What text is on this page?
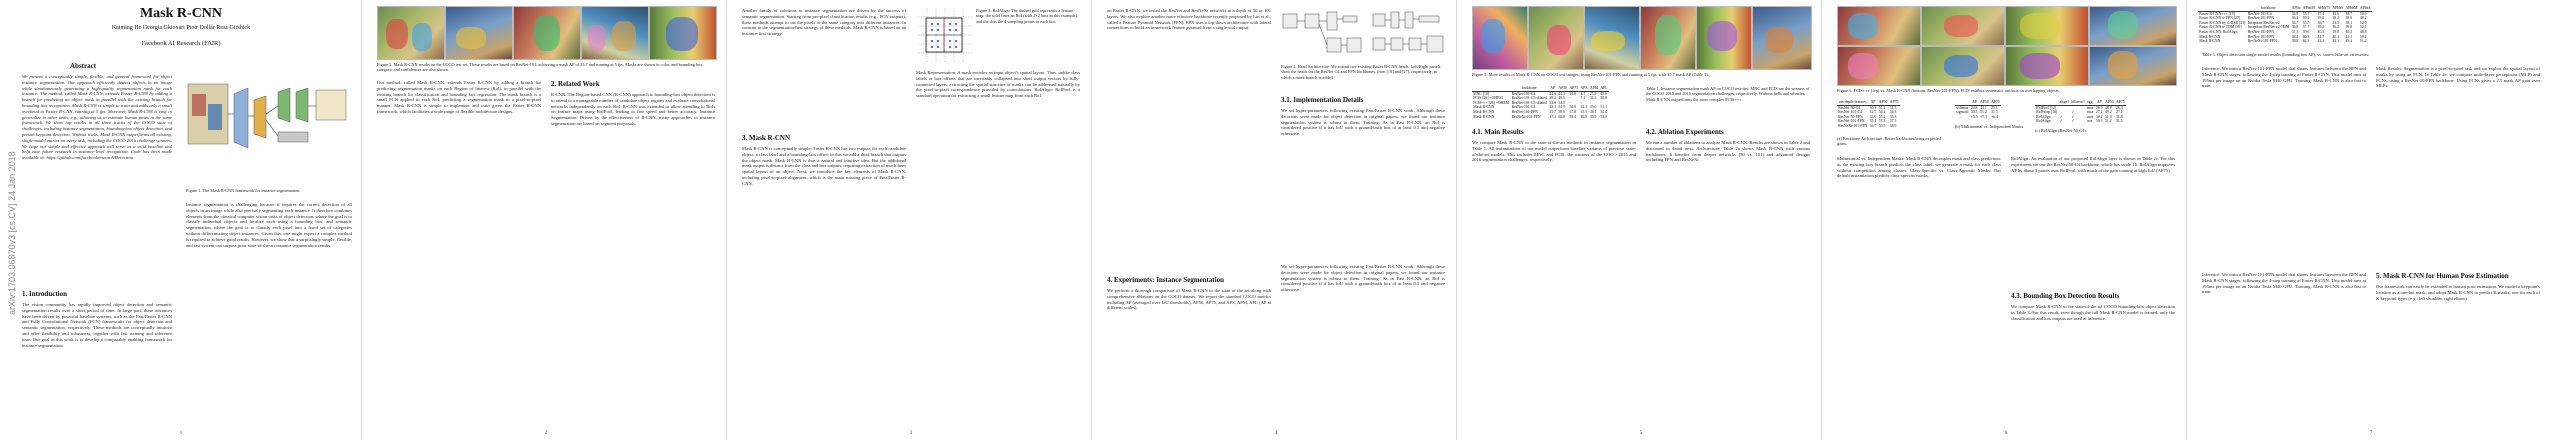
arXiv:1703.06870v3 [cs.CV] 24 Jan 2018
Mask R-CNN
Kaiming He Georgia Gkioxari Piotr Dollár Ross Girshick
Facebook AI Research (FAIR)
Abstract
We present a conceptually simple, flexible, and general framework for object instance segmentation. Our approach efficiently detects objects in an image while simultaneously generating a high-quality segmentation mask for each instance. The method, called Mask R-CNN, extends Faster R-CNN by adding a branch for predicting an object mask in parallel with the existing branch for bounding box recognition. Mask R-CNN is simple to train and adds only a small overhead to Faster R-CNN, running at 5 fps. Moreover, Mask R-CNN is easy to generalize to other tasks, e.g., allowing us to estimate human poses in the same framework. We show top results in all three tracks of the COCO suite of challenges, including instance segmentation, bounding-box object detection, and person keypoint detection. Without tricks, Mask R-CNN outperforms all existing, single-model entries on every task, including the COCO 2016 challenge winners. We hope our simple and effective approach will serve as a solid baseline and help ease future research in instance-level recognition. Code has been made available at: https://github.com/facebookresearch/Detectron.
1. Introduction
The vision community has rapidly improved object detection and semantic segmentation results over a short period of time. In large part, these advances have been driven by powerful baseline systems, such as the Fast/Faster R-CNN and Fully Convolutional Network (FCN) frameworks for object detection and semantic segmentation, respectively. These methods are conceptually intuitive and offer flexibility and robustness, together with fast training and inference time. Our goal in this work is to develop a comparably enabling framework for instance segmentation.
Figure 1. The Mask R-CNN framework for instance segmentation.
Instance segmentation is challenging because it requires the correct detection of all objects in an image while also precisely segmenting each instance. It therefore combines elements from the classical computer vision tasks of object detection, where the goal is to classify individual objects and localize each using a bounding box, and semantic segmentation, where the goal is to classify each pixel into a fixed set of categories without differentiating object instances. Given this, one might expect a complex method is required to achieve good results. However, we show that a surprisingly simple, flexible, and fast system can surpass prior state-of-the-art instance segmentation results.
1
Figure 2. Mask R-CNN results on the COCO test set. These results are based on ResNet-101, achieving a mask AP of 35.7 and running at 5 fps. Masks are shown in color, and bounding box, category, and confidences are also shown.
Our method, called Mask R-CNN, extends Faster R-CNN by adding a branch for predicting segmentation masks on each Region of Interest (RoI), in parallel with the existing branch for classification and bounding box regression. The mask branch is a small FCN applied to each RoI, predicting a segmentation mask in a pixel-to-pixel manner. Mask R-CNN is simple to implement and train given the Faster R-CNN framework, which facilitates a wide range of flexible architecture designs.
2. Related Work
R-CNN: The Region-based CNN (R-CNN) approach to bounding-box object detection is to attend to a manageable number of candidate object regions and evaluate convolutional networks independently on each RoI. R-CNN was extended to allow attending to RoIs on feature maps using RoIPool, leading to fast speed and better accuracy. Instance Segmentation: Driven by the effectiveness of R-CNN, many approaches to instance segmentation are based on segment proposals.
2
Another family of solutions to instance segmentation are driven by the success of semantic segmentation. Starting from per-pixel classification results (e.g., FCN outputs), these methods attempt to cut the pixels of the same category into different instances. In contrast to the segmentation-first strategy of these methods, Mask R-CNN is based on an instance-first strategy.
Figure 3. RoIAlign: The dashed grid represents a feature map, the solid lines an RoI (with 2×2 bins in this example), and the dots the 4 sampling points in each bin.
3. Mask R-CNN
Mask R-CNN is conceptually simple: Faster R-CNN has two outputs for each candidate object, a class label and a bounding-box offset; to this we add a third branch that outputs the object mask. Mask R-CNN is thus a natural and intuitive idea. But the additional mask output is distinct from the class and box outputs, requiring extraction of much finer spatial layout of an object. Next, we introduce the key elements of Mask R-CNN, including pixel-to-pixel alignment, which is the main missing piece of Fast/Faster R-CNN.
Mask Representation: A mask encodes an input object's spatial layout. Thus, unlike class labels or box offsets that are inevitably collapsed into short output vectors by fully-connected layers, extracting the spatial structure of masks can be addressed naturally by the pixel-to-pixel correspondence provided by convolutions. RoIAlign: RoIPool is a standard operation for extracting a small feature map from each RoI.
3
on Faster R-CNN, we tested the ResNet and ResNeXt networks at a depth of 50 or 101 layers. We also explore another more effective backbone recently proposed by Lin et al., called a Feature Pyramid Network (FPN). FPN uses a top-down architecture with lateral connections to build an in-network feature pyramid from a single-scale input.
Figure 4. Head Architecture: We extend two existing Faster R-CNN heads. Left/Right panels show the heads for the ResNet C4 and FPN backbones, from [19] and [27], respectively, to which a mask branch is added.
3.1. Implementation Details
We set hyper-parameters following existing Fast/Faster R-CNN work. Although these decisions were made for object detection in original papers, we found our instance segmentation system is robust to them. Training: As in Fast R-CNN, an RoI is considered positive if it has IoU with a ground-truth box of at least 0.5 and negative otherwise.
4. Experiments: Instance Segmentation
We perform a thorough comparison of Mask R-CNN to the state of the art along with comprehensive ablations on the COCO dataset. We report the standard COCO metrics including AP (averaged over IoU thresholds), AP50, AP75, and APS, APM, APL (AP at different scales).
We set hyper-parameters following existing Fast/Faster R-CNN work. Although these decisions were made for object detection in original papers, we found our instance segmentation system is robust to them. Training: As in Fast R-CNN, an RoI is considered positive if it has IoU with a ground-truth box of at least 0.5 and negative otherwise.
4
Figure 5. More results of Mask R-CNN on COCO test images, using ResNet-101-FPN and running at 5 fps, with 35.7 mask AP (Table 1).
	backbone	AP	AP50	AP75	APS	APM	APL
MNC [10]	ResNet-101-C4	24.6	44.3	24.8	4.7	25.9	43.6
FCIS [26] +OHEM	ResNet-101-C5-dilated	29.2	49.5	-	7.1	31.3	50.0
FCIS+++ [26] +OHEM	ResNet-101-C5-dilated	33.6	54.5	-	-	-	-
Mask R-CNN	ResNet-101-C4	33.1	54.9	34.8	12.1	35.6	51.1
Mask R-CNN	ResNet-101-FPN	35.7	58.0	37.8	15.5	38.1	52.4
Mask R-CNN	ResNeXt-101-FPN	37.1	60.0	39.4	16.9	39.9	53.5
Table 1. Instance segmentation mask AP on COCO test-dev. MNC and FCIS are the winners of the COCO 2015 and 2016 segmentation challenges, respectively. Without bells and whistles, Mask R-CNN outperforms the more complex FCIS+++.
4.1. Main Results
We compare Mask R-CNN to the state-of-the-art methods in instance segmentation in Table 1. All instantiations of our model outperform baseline variants of previous state-of-the-art models. This includes MNC and FCIS, the winners of the COCO 2015 and 2016 segmentation challenges, respectively.
4.2. Ablation Experiments
We run a number of ablations to analyze Mask R-CNN. Results are shown in Table 2 and discussed in detail next. Architecture: Table 2a shows Mask R-CNN with various backbones. It benefits from deeper networks (50 vs. 101) and advanced designs including FPN and ResNeXt.
5
Figure 6. FCIS+++ (top) vs. Mask R-CNN (bottom, ResNet-101-FPN). FCIS exhibits systematic artifacts on overlapping objects.
net-depth-features	AP	AP50	AP75
ResNet-50-C4	30.3	51.2	31.5
ResNet-101-C4	32.7	54.2	34.3
ResNet-50-FPN	33.6	55.2	35.3
ResNet-101-FPN	35.4	57.3	37.5
ResNeXt-101-FPN	36.7	59.5	38.9
	AP	AP50	AP75
softmax	24.8	44.1	25.1
sigmoid	30.3	51.2	31.5
	+5.5	+7.1	+6.4
	align?	bilinear?	agg.	AP	AP50	AP75
RoIPool [12]			max	26.9	48.8	26.4
RoIWarp [10]		✓	max	27.2	49.2	27.1
RoIAlign	✓	✓	max	30.2	51.0	31.8
RoIAlign	✓	✓	ave	30.3	51.2	31.5
(a) Backbone Architecture: Better backbones bring expected gains.
(b) Multinomial vs. Independent Masks.
(c) RoIAlign (ResNet-50-C4).
Multinomial vs. Independent Masks: Mask R-CNN decouples mask and class prediction: as the existing box branch predicts the class label, we generate a mask for each class without competition among classes. Class-Specific vs. Class-Agnostic Masks: Our default instantiation predicts class-specific masks.
RoIAlign: An evaluation of our proposed RoIAlign layer is shown in Table 2c. For this experiment we use the ResNet-50-C4 backbone, which has stride 16. RoIAlign improves AP by about 3 points over RoIPool, with much of the gain coming at high IoU (AP75).
4.3. Bounding Box Detection Results
We compare Mask R-CNN to the state-of-the-art COCO bounding-box object detection in Table 3. For this result, even though the full Mask R-CNN model is trained, only the classification and box outputs are used at inference.
6
	backbone	APbb	APbb50	APbb75	APbbS	APbbM	APbbL
Faster R-CNN+++ [19]	ResNet-101-C4	34.9	55.7	37.4	15.6	38.7	50.9
Faster R-CNN w FPN [27]	ResNet-101-FPN	36.2	59.1	39.0	18.2	39.0	48.2
Faster R-CNN by G-RMI [21]	Inception-ResNet-v2	34.7	55.5	36.7	13.5	38.1	52.0
Faster R-CNN w TDM [39]	Inception-ResNet-v2-TDM	36.8	57.7	39.2	16.2	39.8	52.1
Faster R-CNN, RoIAlign	ResNet-101-FPN	37.3	59.6	40.3	19.8	40.2	48.8
Mask R-CNN	ResNet-101-FPN	38.2	60.3	41.7	20.1	41.1	50.2
Mask R-CNN	ResNeXt-101-FPN	39.8	62.3	43.4	22.1	43.2	51.2
Table 3. Object detection single-model results (bounding box AP), vs. state-of-the-art on test-dev.
Inference: We train a ResNet-101-FPN model that shares features between the RPN and Mask R-CNN stages, following the 4-step training of Faster R-CNN. This model runs at 195ms per image on an Nvidia Tesla M40 GPU. Training: Mask R-CNN is also fast to train.
Mask Results: Segmentation is a pixel-to-pixel task and we exploit the spatial layout of masks by using an FCN. In Table 2e, we compare multi-layer perceptrons (MLP) and FCNs, using a ResNet-50-FPN backbone. Using FCNs gives a 2.1 mask AP gain over MLPs.
5. Mask R-CNN for Human Pose Estimation
Our framework can easily be extended to human pose estimation. We model a keypoint's location as a one-hot mask, and adopt Mask R-CNN to predict K masks, one for each of K keypoint types (e.g., left shoulder, right elbow).
Inference: We train a ResNet-101-FPN model that shares features between the RPN and Mask R-CNN stages, following the 4-step training of Faster R-CNN. This model runs at 195ms per image on an Nvidia Tesla M40 GPU. Training: Mask R-CNN is also fast to train.
7
